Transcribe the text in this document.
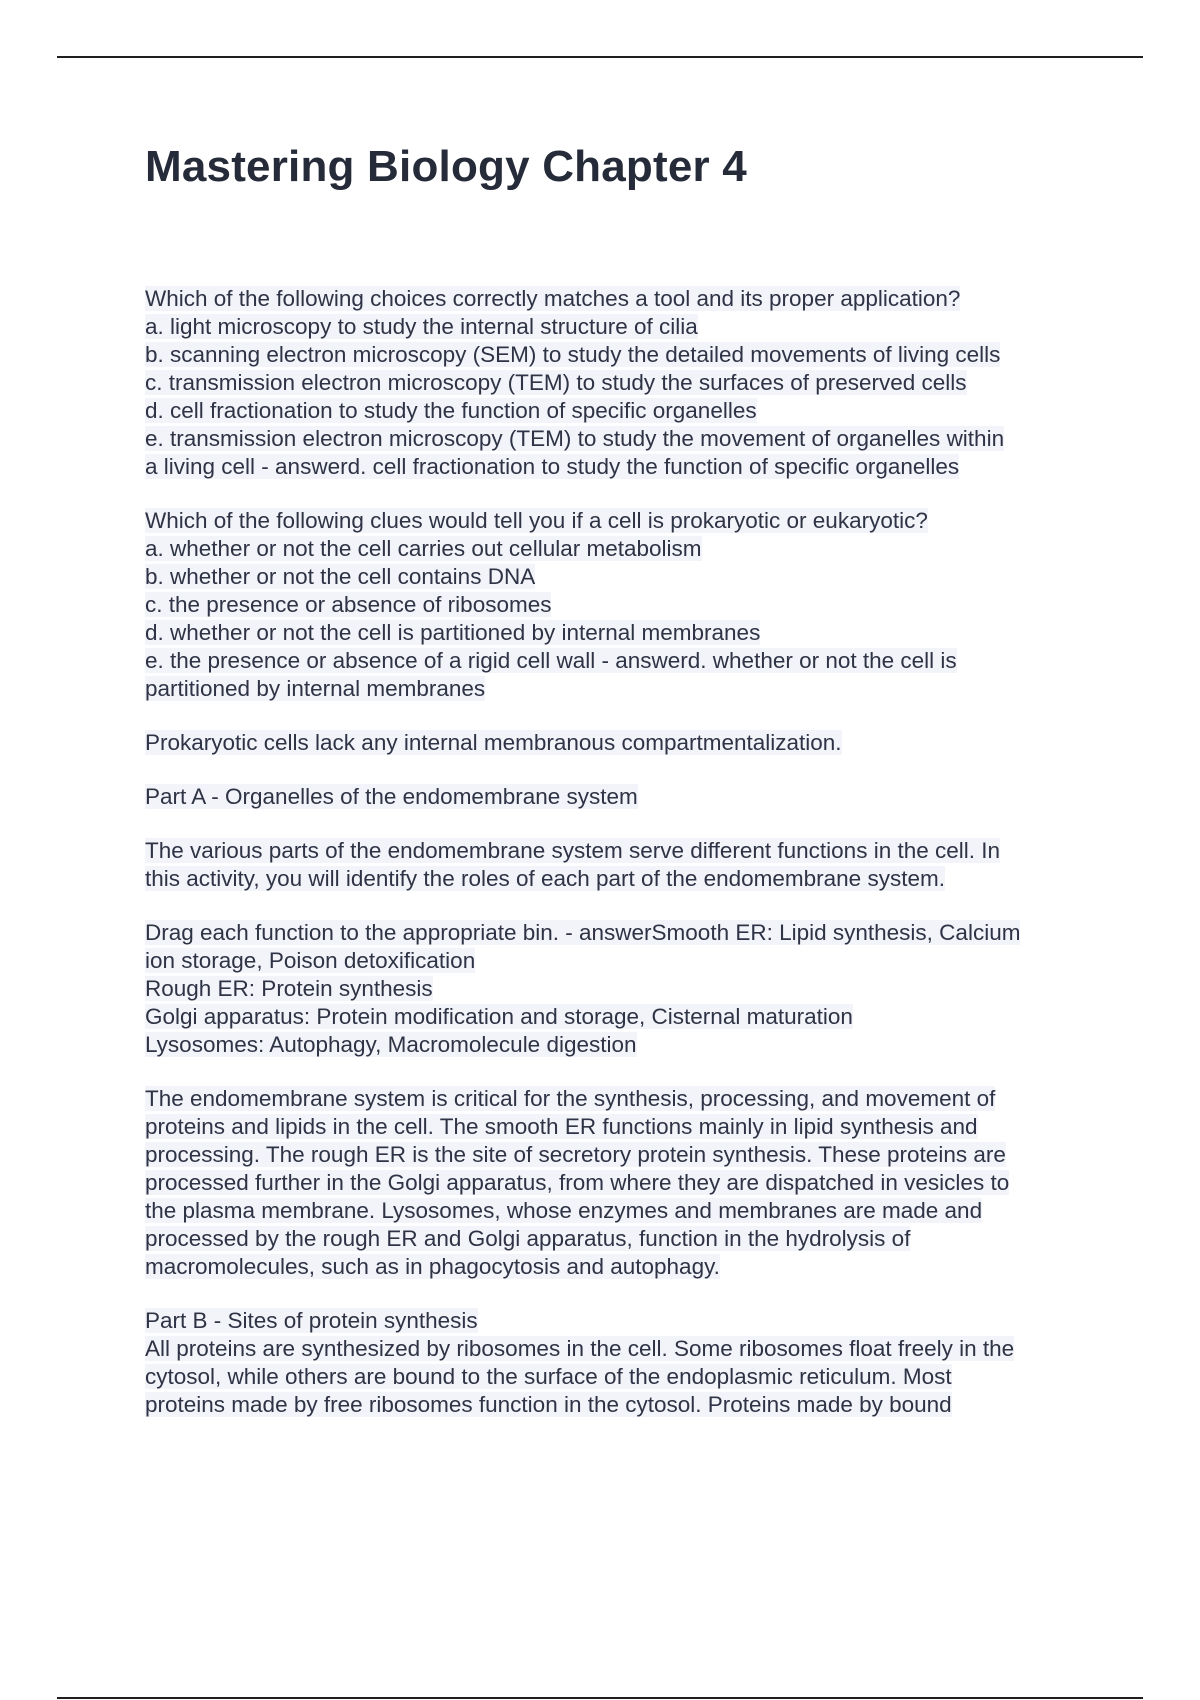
Mastering Biology Chapter 4

Which of the following choices correctly matches a tool and its proper application?
a. light microscopy to study the internal structure of cilia
b. scanning electron microscopy (SEM) to study the detailed movements of living cells
c. transmission electron microscopy (TEM) to study the surfaces of preserved cells
d. cell fractionation to study the function of specific organelles
e. transmission electron microscopy (TEM) to study the movement of organelles within
a living cell - answerd. cell fractionation to study the function of specific organelles

Which of the following clues would tell you if a cell is prokaryotic or eukaryotic?
a. whether or not the cell carries out cellular metabolism
b. whether or not the cell contains DNA
c. the presence or absence of ribosomes
d. whether or not the cell is partitioned by internal membranes
e. the presence or absence of a rigid cell wall - answerd. whether or not the cell is
partitioned by internal membranes

Prokaryotic cells lack any internal membranous compartmentalization.

Part A - Organelles of the endomembrane system

The various parts of the endomembrane system serve different functions in the cell. In
this activity, you will identify the roles of each part of the endomembrane system.

Drag each function to the appropriate bin. - answerSmooth ER: Lipid synthesis, Calcium
ion storage, Poison detoxification
Rough ER: Protein synthesis
Golgi apparatus: Protein modification and storage, Cisternal maturation
Lysosomes: Autophagy, Macromolecule digestion

The endomembrane system is critical for the synthesis, processing, and movement of
proteins and lipids in the cell. The smooth ER functions mainly in lipid synthesis and
processing. The rough ER is the site of secretory protein synthesis. These proteins are
processed further in the Golgi apparatus, from where they are dispatched in vesicles to
the plasma membrane. Lysosomes, whose enzymes and membranes are made and
processed by the rough ER and Golgi apparatus, function in the hydrolysis of
macromolecules, such as in phagocytosis and autophagy.

Part B - Sites of protein synthesis
All proteins are synthesized by ribosomes in the cell. Some ribosomes float freely in the
cytosol, while others are bound to the surface of the endoplasmic reticulum. Most
proteins made by free ribosomes function in the cytosol. Proteins made by bound
